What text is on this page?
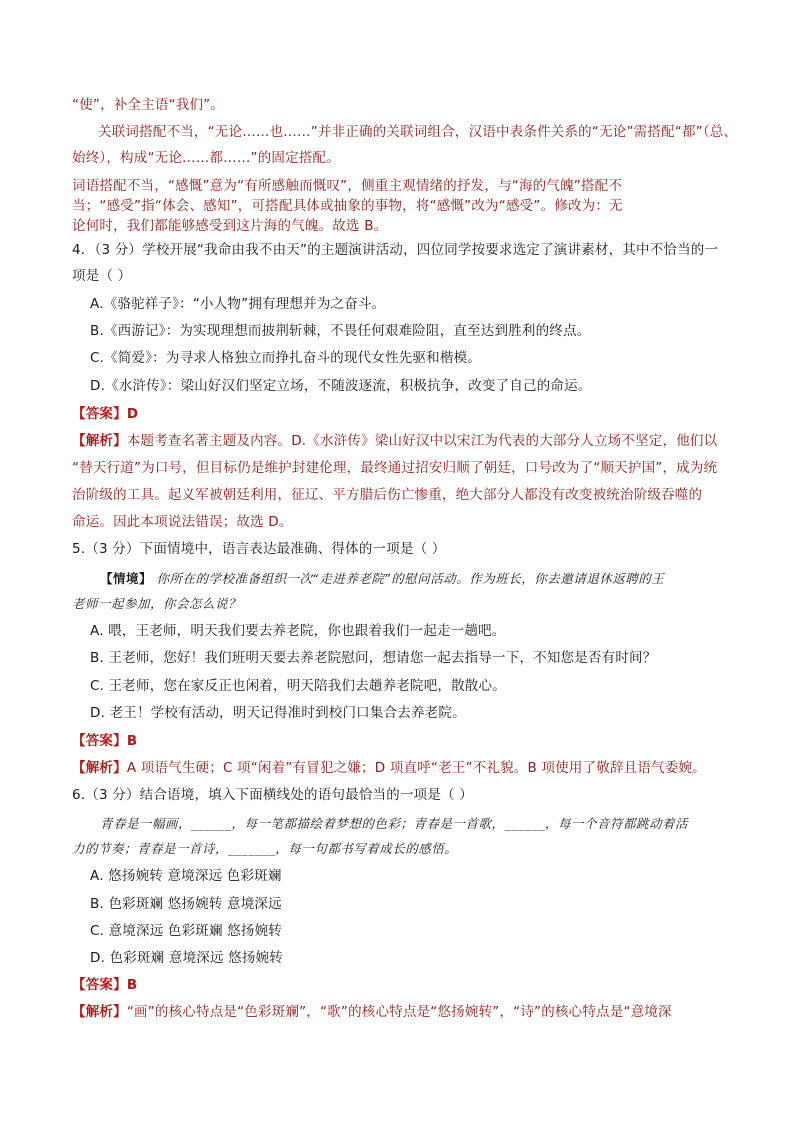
“使”，补全主语“我们”。
关联词搭配不当，“无论……也……”并非正确的关联词组合，汉语中表条件关系的“无论”需搭配“都”（总、
始终），构成“无论……都……”的固定搭配。
词语搭配不当，“感慨”意为“有所感触而慨叹”，侧重主观情绪的抒发，与“海的气魄”搭配不
当；“感受”指“体会、感知”，可搭配具体或抽象的事物，将“感慨”改为“感受”。修改为：无
论何时，我们都能够感受到这片海的气魄。故选 B。
4．（3 分）学校开展“我命由我不由天”的主题演讲活动，四位同学按要求选定了演讲素材，其中不恰当的一
项是（ ）
A.《骆驼祥子》：“小人物”拥有理想并为之奋斗。
B.《西游记》：为实现理想而披荆斩棘，不畏任何艰难险阻，直至达到胜利的终点。
C.《简爱》：为寻求人格独立而挣扎奋斗的现代女性先驱和楷模。
D.《水浒传》：梁山好汉们坚定立场，不随波逐流，积极抗争，改变了自己的命运。
【答案】D
【解析】本题考查名著主题及内容。D.《水浒传》梁山好汉中以宋江为代表的大部分人立场不坚定，他们以
“替天行道”为口号，但目标仍是维护封建伦理，最终通过招安归顺了朝廷，口号改为了“顺天护国”，成为统
治阶级的工具。起义军被朝廷利用，征辽、平方腊后伤亡惨重，绝大部分人都没有改变被统治阶级吞噬的
命运。因此本项说法错误；故选 D。
5.（3 分）下面情境中，语言表达最准确、得体的一项是（ ）
【情境】 你所在的学校准备组织一次“走进养老院”的慰问活动。作为班长，你去邀请退休返聘的王
老师一起参加，你会怎么说？
A. 喂，王老师，明天我们要去养老院，你也跟着我们一起走一趟吧。
B. 王老师，您好！我们班明天要去养老院慰问，想请您一起去指导一下，不知您是否有时间？
C. 王老师，您在家反正也闲着，明天陪我们去趟养老院吧，散散心。
D. 老王！学校有活动，明天记得准时到校门口集合去养老院。
【答案】B
【解析】A 项语气生硬；C 项“闲着”有冒犯之嫌；D 项直呼“老王”不礼貌。B 项使用了敬辞且语气委婉。
6.（3 分）结合语境，填入下面横线处的语句最恰当的一项是（ ）
青春是一幅画，______，每一笔都描绘着梦想的色彩；青春是一首歌，______，每一个音符都跳动着活
力的节奏；青春是一首诗，_______，每一句都书写着成长的感悟。
A. 悠扬婉转 意境深远 色彩斑斓
B. 色彩斑斓 悠扬婉转 意境深远
C. 意境深远 色彩斑斓 悠扬婉转
D. 色彩斑斓 意境深远 悠扬婉转
【答案】B
【解析】“画”的核心特点是“色彩斑斓”，“歌”的核心特点是“悠扬婉转”，“诗”的核心特点是“意境深
